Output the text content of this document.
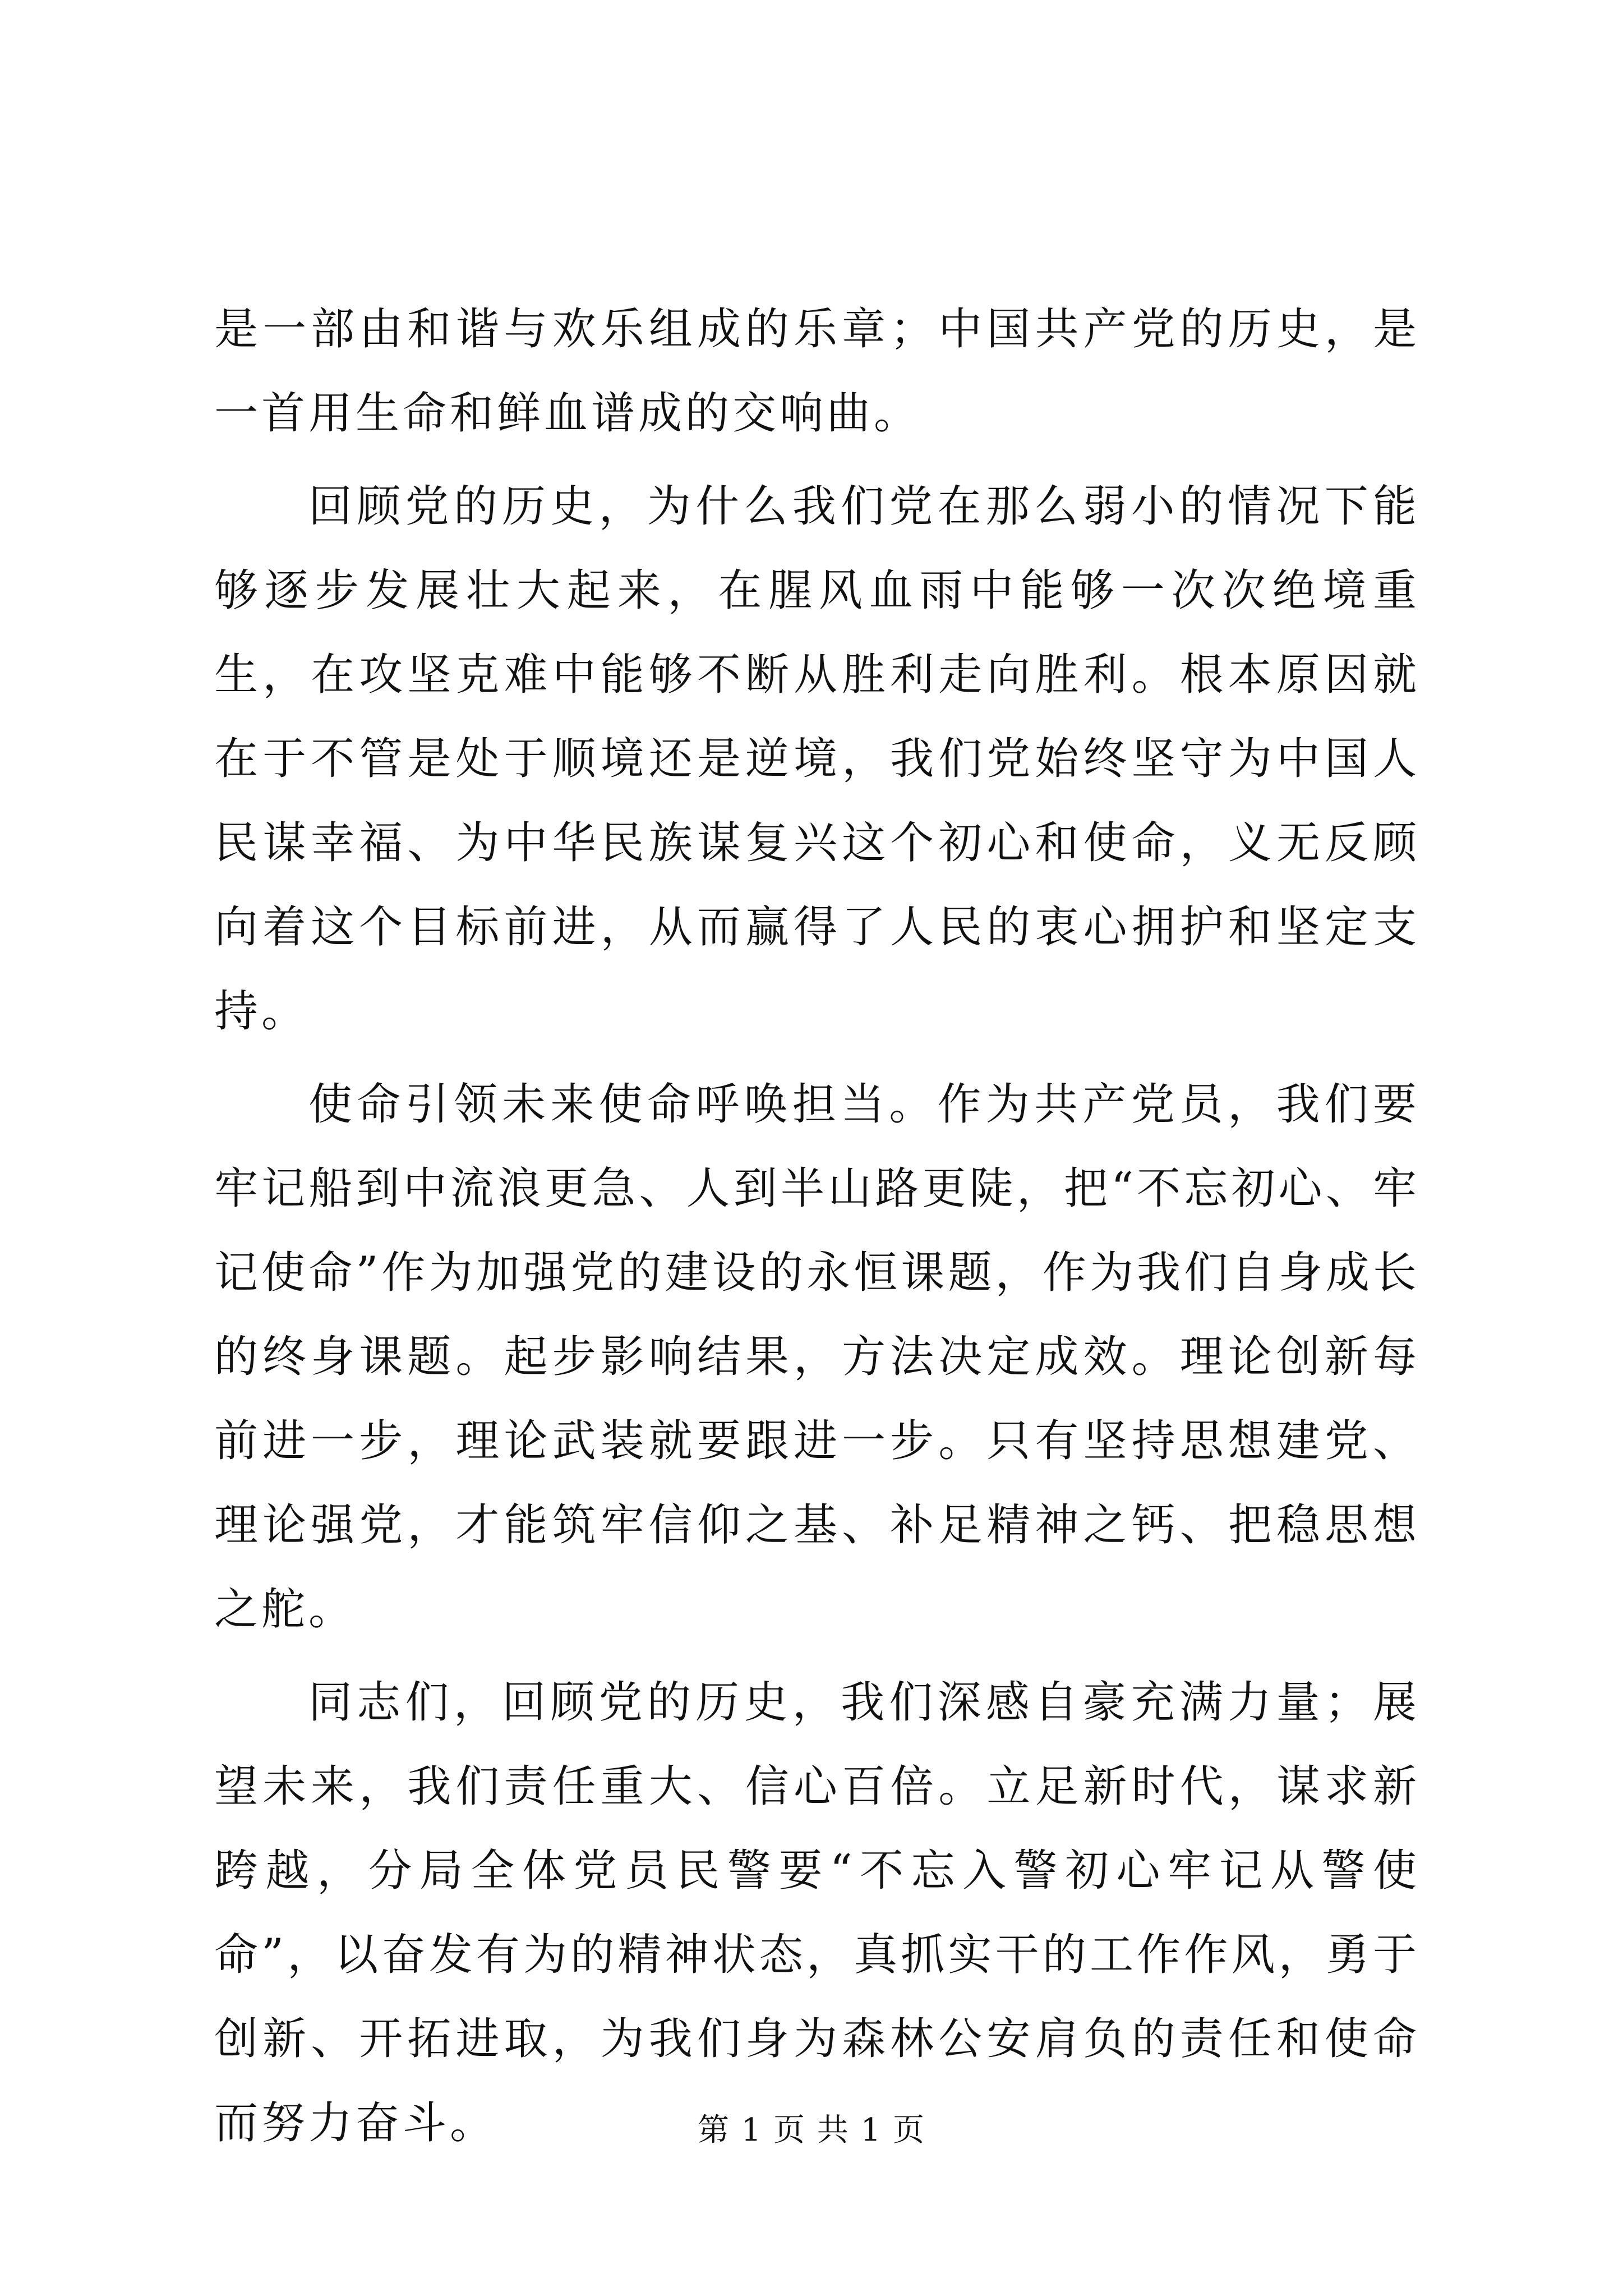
是一部由和谐与欢乐组成的乐章；中国共产党的历史，是一首用生命和鲜血谱成的交响曲。

回顾党的历史，为什么我们党在那么弱小的情况下能够逐步发展壮大起来，在腥风血雨中能够一次次绝境重生，在攻坚克难中能够不断从胜利走向胜利。根本原因就在于不管是处于顺境还是逆境，我们党始终坚守为中国人民谋幸福、为中华民族谋复兴这个初心和使命，义无反顾向着这个目标前进，从而赢得了人民的衷心拥护和坚定支持。

使命引领未来使命呼唤担当。作为共产党员，我们要牢记船到中流浪更急、人到半山路更陡，把“不忘初心、牢记使命”作为加强党的建设的永恒课题，作为我们自身成长的终身课题。起步影响结果，方法决定成效。理论创新每前进一步，理论武装就要跟进一步。只有坚持思想建党、理论强党，才能筑牢信仰之基、补足精神之钙、把稳思想之舵。

同志们，回顾党的历史，我们深感自豪充满力量；展望未来，我们责任重大、信心百倍。立足新时代，谋求新跨越，分局全体党员民警要“不忘入警初心牢记从警使命”，以奋发有为的精神状态，真抓实干的工作作风，勇于创新、开拓进取，为我们身为森林公安肩负的责任和使命而努力奋斗。	第 1 页 共 1 页
